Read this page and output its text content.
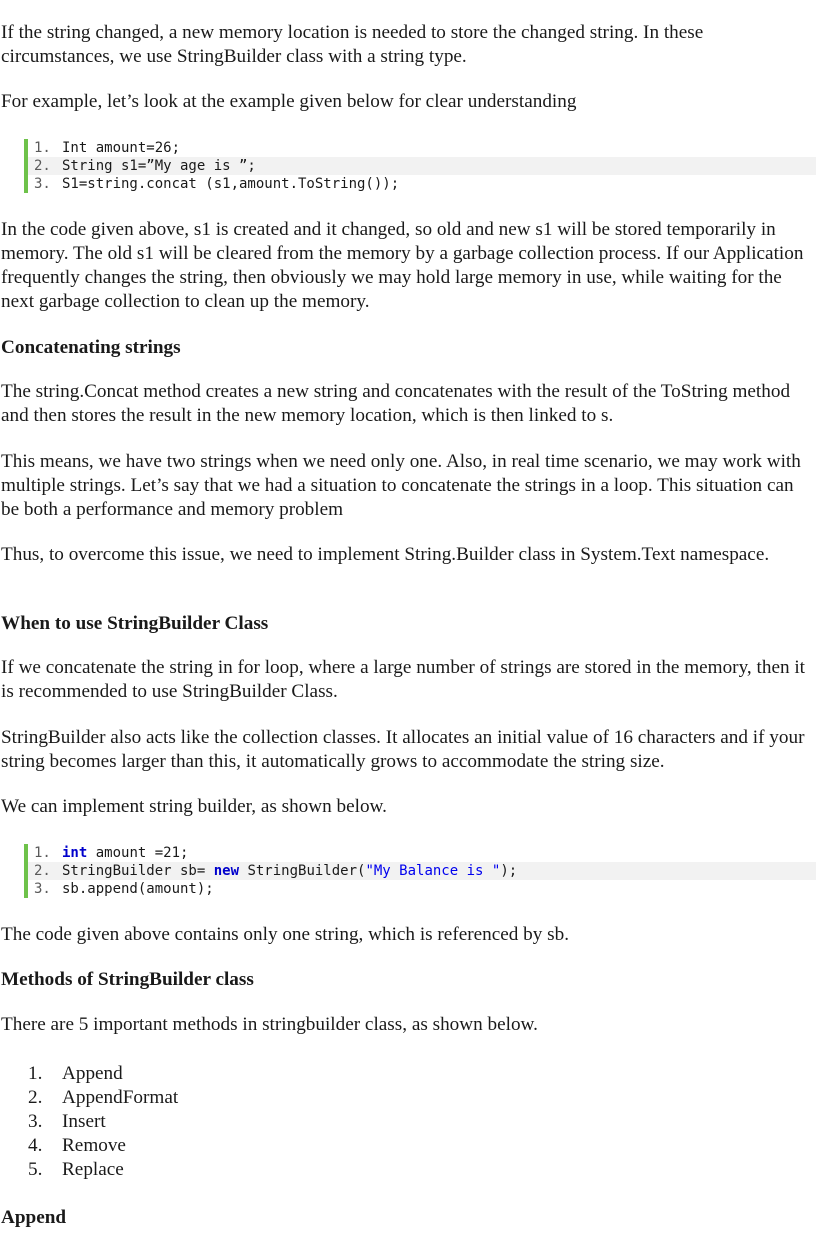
If the string changed, a new memory location is needed to store the changed string. In these circumstances, we use StringBuilder class with a string type.

For example, let’s look at the example given below for clear understanding

1. Int amount=26;
2. String s1=”My age is ”;
3. S1=string.concat (s1,amount.ToString());

In the code given above, s1 is created and it changed, so old and new s1 will be stored temporarily in memory. The old s1 will be cleared from the memory by a garbage collection process. If our Application frequently changes the string, then obviously we may hold large memory in use, while waiting for the next garbage collection to clean up the memory.

Concatenating strings

The string.Concat method creates a new string and concatenates with the result of the ToString method and then stores the result in the new memory location, which is then linked to s.

This means, we have two strings when we need only one. Also, in real time scenario, we may work with multiple strings. Let’s say that we had a situation to concatenate the strings in a loop. This situation can be both a performance and memory problem

Thus, to overcome this issue, we need to implement String.Builder class in System.Text namespace.

When to use StringBuilder Class

If we concatenate the string in for loop, where a large number of strings are stored in the memory, then it is recommended to use StringBuilder Class.

StringBuilder also acts like the collection classes. It allocates an initial value of 16 characters and if your string becomes larger than this, it automatically grows to accommodate the string size.

We can implement string builder, as shown below.

1. int amount =21;
2. StringBuilder sb= new StringBuilder("My Balance is ");
3. sb.append(amount);

The code given above contains only one string, which is referenced by sb.

Methods of StringBuilder class

There are 5 important methods in stringbuilder class, as shown below.

1. Append
2. AppendFormat
3. Insert
4. Remove
5. Replace
Append
